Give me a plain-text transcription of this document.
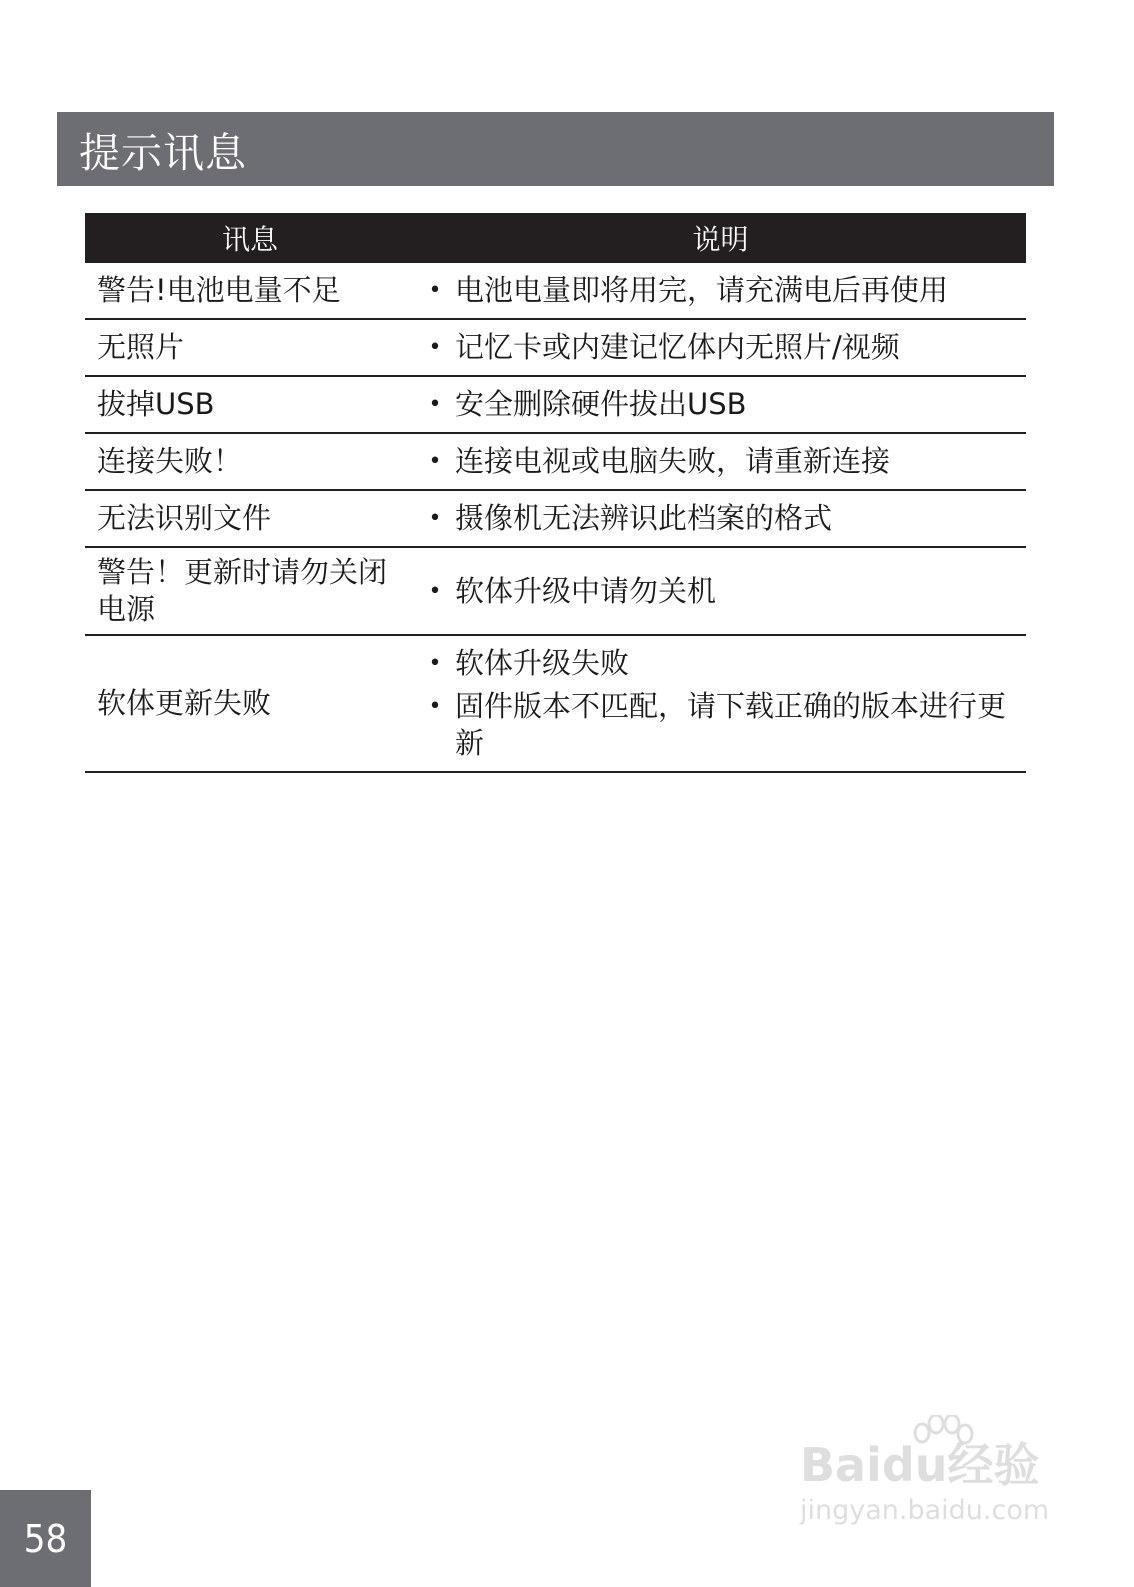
提示讯息
讯息	说明
警告!电池电量不足	• 电池电量即将用完，请充满电后再使用

无照片	• 记忆卡或内建记忆体内无照片/视频

拔掉USB	• 安全删除硬件拔出USB

连接失败！	• 连接电视或电脑失败，请重新连接

无法识别文件	• 摄像机无法辨识此档案的格式

警告！更新时请勿关闭电源	• 软体升级中请勿关机

软体更新失败	• 软体升级失败
• 固件版本不匹配，请下载正确的版本进行更新
Baidu经验
jingyan.baidu.com
58
